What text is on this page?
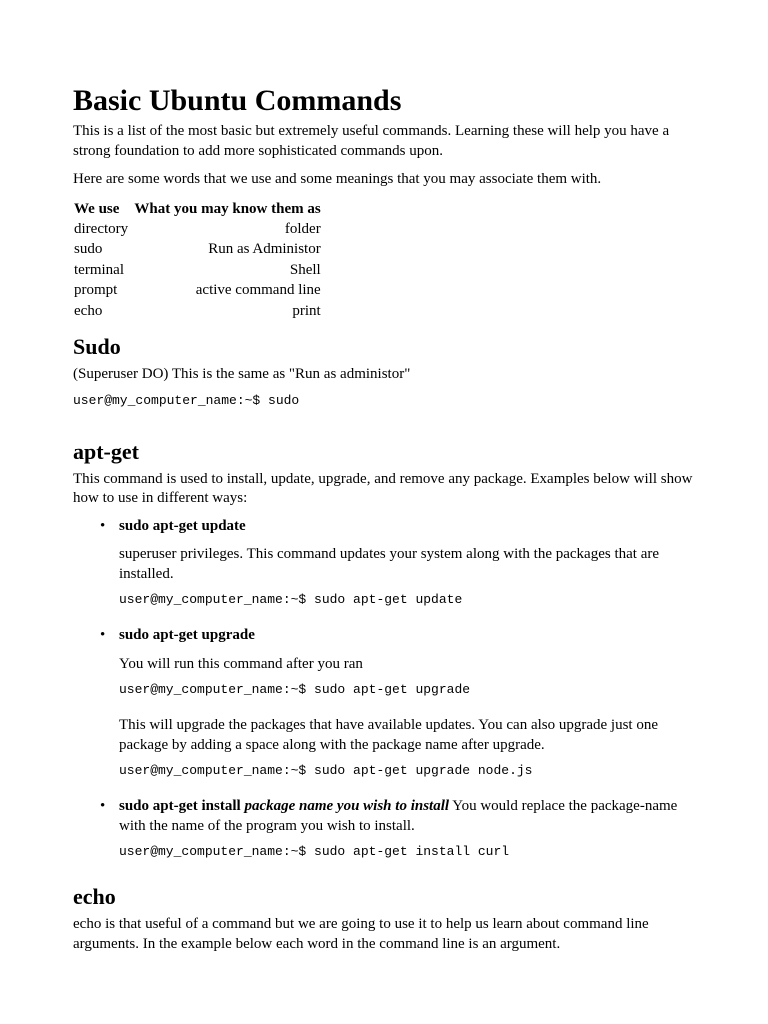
Basic Ubuntu Commands

This is a list of the most basic but extremely useful commands. Learning these will help you have a strong foundation to add more sophisticated commands upon.

Here are some words that we use and some meanings that you may associate them with.

We use	What you may know them as
directory	folder
sudo	Run as Administor
terminal	Shell
prompt	active command line
echo	print
Sudo

(Superuser DO) This is the same as "Run as administor"

user@my_computer_name:~$ sudo
apt-get

This command is used to install, update, upgrade, and remove any package. Examples below will show how to use in different ways:

• sudo apt-get update

superuser privileges. This command updates your system along with the packages that are installed.

user@my_computer_name:~$ sudo apt-get update
• sudo apt-get upgrade

You will run this command after you ran

user@my_computer_name:~$ sudo apt-get upgrade

This will upgrade the packages that have available updates. You can also upgrade just one package by adding a space along with the package name after upgrade.

user@my_computer_name:~$ sudo apt-get upgrade node.js
• sudo apt-get install package name you wish to install You would replace the package-name with the name of the program you wish to install.

user@my_computer_name:~$ sudo apt-get install curl
echo

echo is that useful of a command but we are going to use it to help us learn about command line arguments. In the example below each word in the command line is an argument.
